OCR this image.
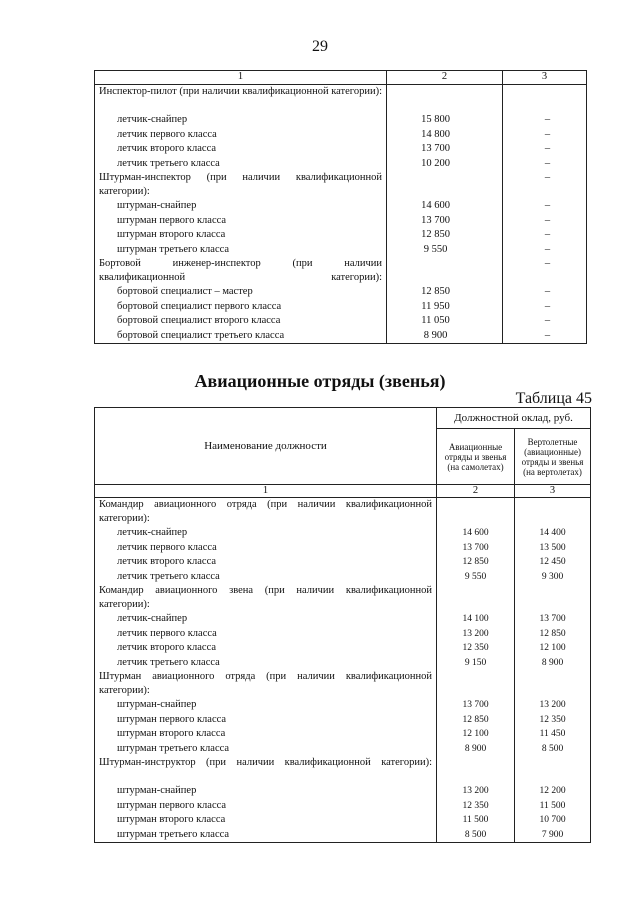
29
1	2	3

Инспектор-пилот (при наличии квалификационной категории):		

летчик-снайпер	15 800	–

летчик первого класса	14 800	–

летчик второго класса	13 700	–

летчик третьего класса	10 200	–

Штурман-инспектор (при наличии квалификационной категории):		–

штурман-снайпер	14 600	–

штурман первого класса	13 700	–

штурман второго класса	12 850	–

штурман третьего класса	9 550	–

Бортовой инженер-инспектор (при наличии квалификационной категории):		–

бортовой специалист – мастер	12 850	–

бортовой специалист первого класса	11 950	–

бортовой специалист второго класса	11 050	–

бортовой специалист третьего класса	8 900	–
Авиационные отряды (звенья)
Таблица 45
Наименование должности	Должностной оклад, руб.	
	Авиационные отряды и звенья (на самолетах)	Вертолетные (авиационные) отряды и звенья (на вертолетах)
1	2	3

Командир авиационного отряда (при наличии квалификационной категории):		

летчик-снайпер	14 600	14 400

летчик первого класса	13 700	13 500

летчик второго класса	12 850	12 450

летчик третьего класса	9 550	9 300

Командир авиационного звена (при наличии квалификационной категории):		

летчик-снайпер	14 100	13 700

летчик первого класса	13 200	12 850

летчик второго класса	12 350	12 100

летчик третьего класса	9 150	8 900

Штурман авиационного отряда (при наличии квалификационной категории):		

штурман-снайпер	13 700	13 200

штурман первого класса	12 850	12 350

штурман второго класса	12 100	11 450

штурман третьего класса	8 900	8 500

Штурман-инструктор (при наличии квалификационной категории):		

штурман-снайпер	13 200	12 200

штурман первого класса	12 350	11 500

штурман второго класса	11 500	10 700

штурман третьего класса	8 500	7 900
